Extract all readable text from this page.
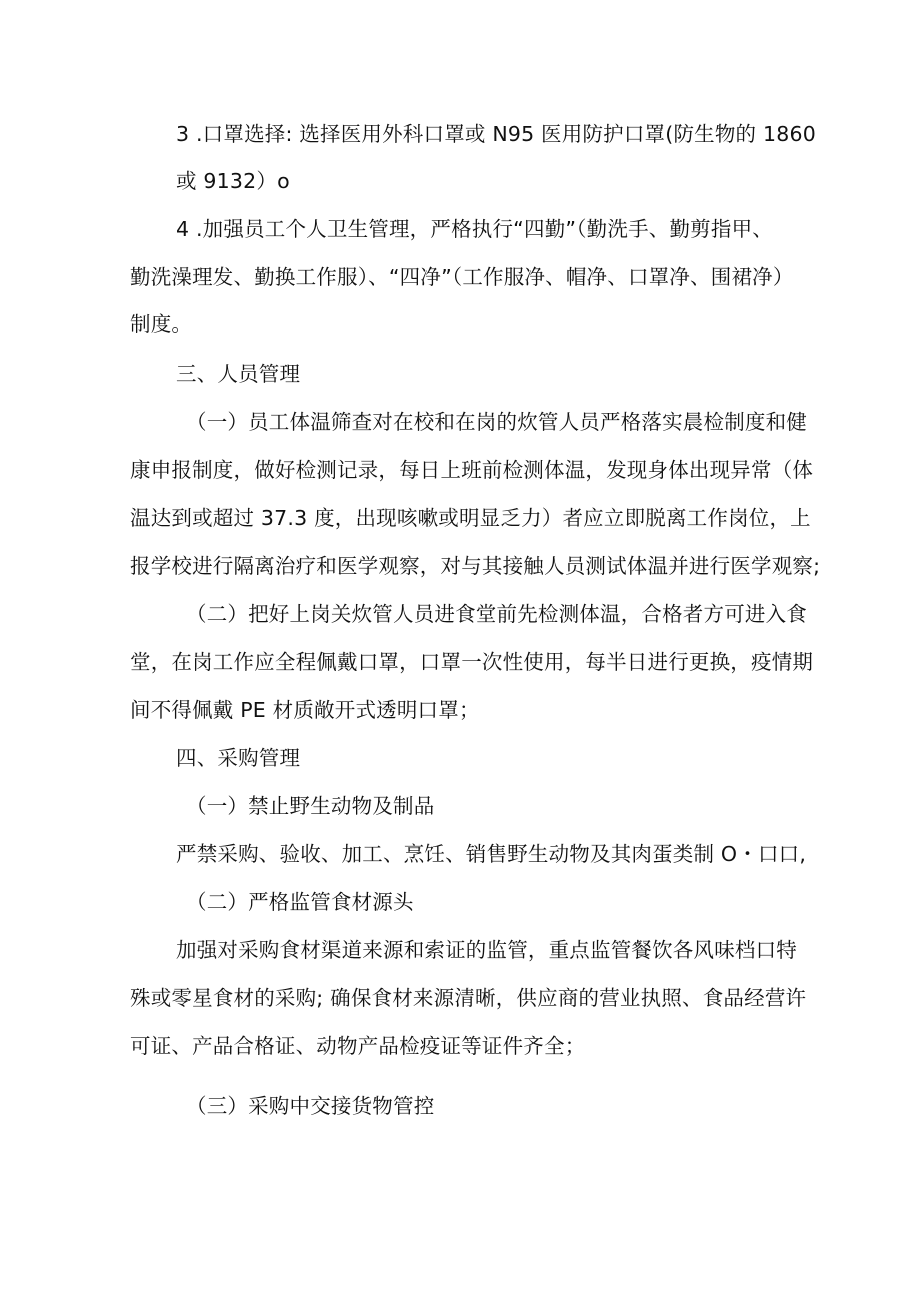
3 .口罩选择: 选择医用外科口罩或 N95 医用防护口罩(防生物的 1860
或 9132）o
4 .加强员工个人卫生管理，严格执行“四勤”（勤洗手、勤剪指甲、
勤洗澡理发、勤换工作服）、“四净”（工作服净、帽净、口罩净、围裙净）
制度。
三、人员管理
（一）员工体温筛查对在校和在岗的炊管人员严格落实晨检制度和健
康申报制度，做好检测记录，每日上班前检测体温，发现身体出现异常（体
温达到或超过 37.3 度，出现咳嗽或明显乏力）者应立即脱离工作岗位，上
报学校进行隔离治疗和医学观察，对与其接触人员测试体温并进行医学观察;
（二）把好上岗关炊管人员进食堂前先检测体温，合格者方可进入食
堂，在岗工作应全程佩戴口罩，口罩一次性使用，每半日进行更换，疫情期
间不得佩戴 PE 材质敞开式透明口罩；
四、采购管理
（一）禁止野生动物及制品
严禁采购、验收、加工、烹饪、销售野生动物及其肉蛋类制 O・口口,
（二）严格监管食材源头
加强对采购食材渠道来源和索证的监管，重点监管餐饮各风味档口特
殊或零星食材的采购; 确保食材来源清晰，供应商的营业执照、食品经营许
可证、产品合格证、动物产品检疫证等证件齐全；
（三）采购中交接货物管控
